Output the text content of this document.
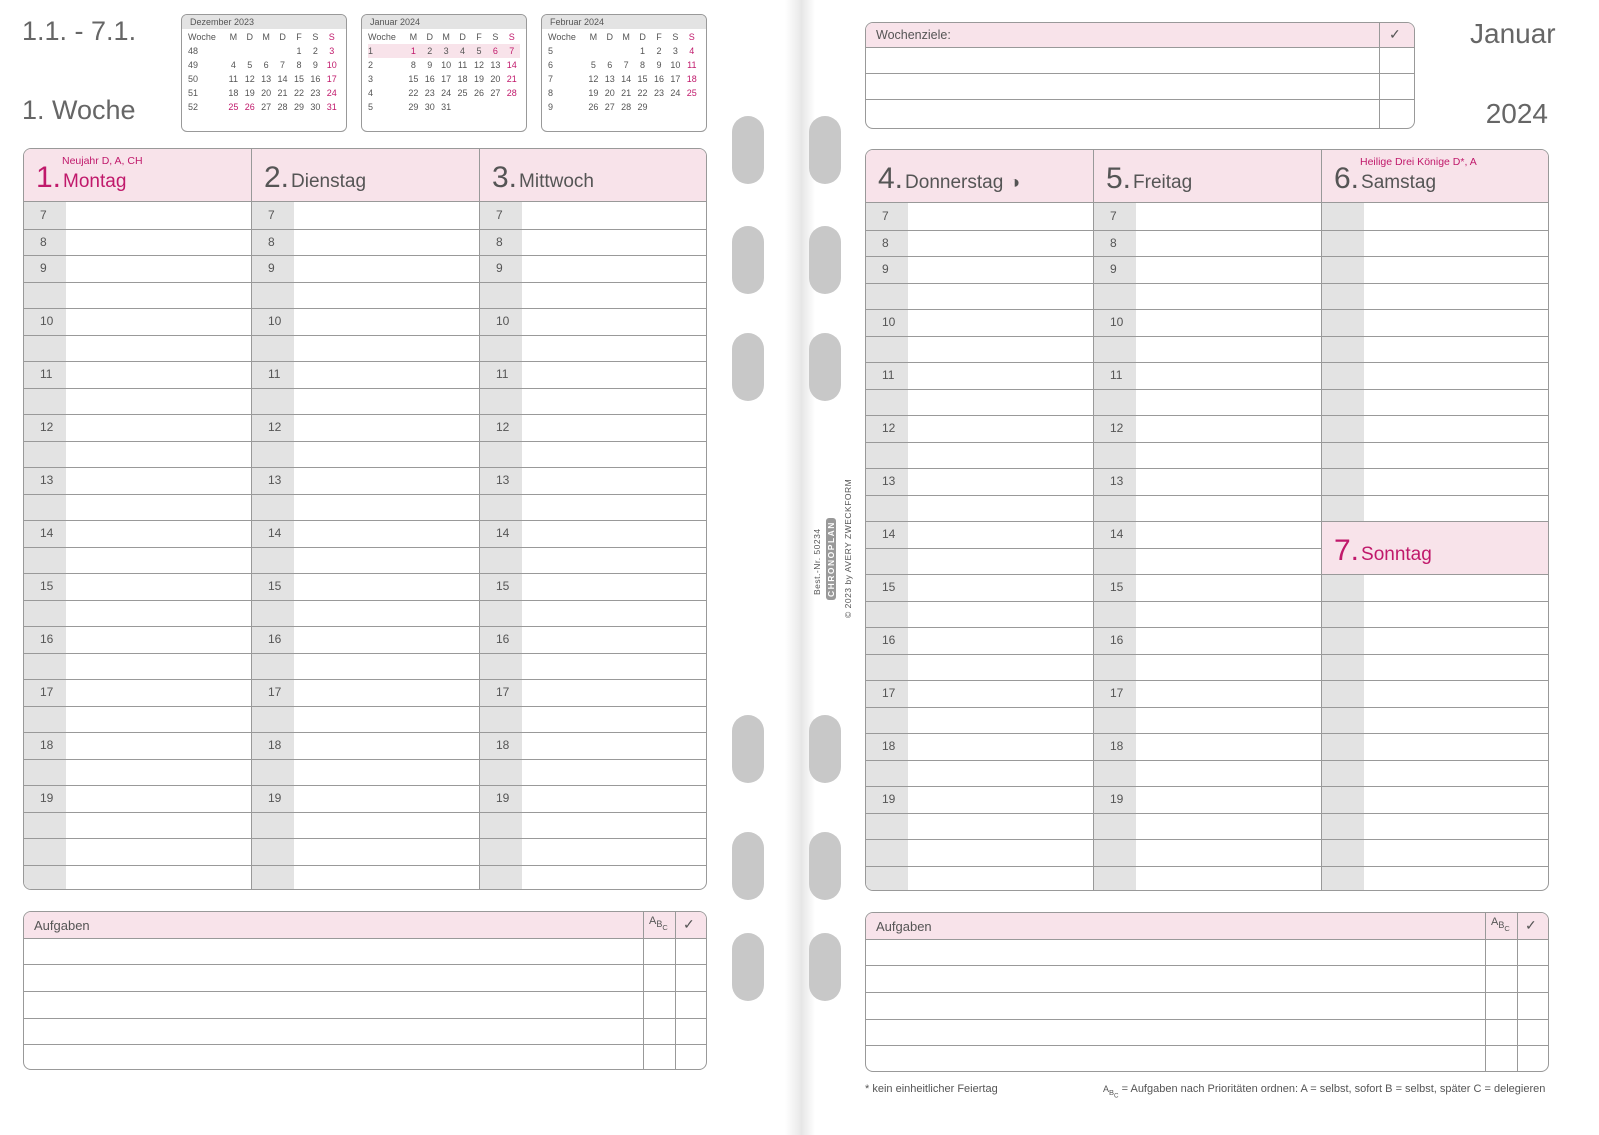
1.1. - 7.1.
1. Woche
Dezember 2023
Woche	M	D	M	D	F	S	S
48					1	2	3
49	4	5	6	7	8	9	10
50	11	12	13	14	15	16	17
51	18	19	20	21	22	23	24
52	25	26	27	28	29	30	31
Januar 2024
Woche	M	D	M	D	F	S	S
1	1	2	3	4	5	6	7
2	8	9	10	11	12	13	14
3	15	16	17	18	19	20	21
4	22	23	24	25	26	27	28
5	29	30	31				
Februar 2024
Woche	M	D	M	D	F	S	S
5				1	2	3	4
6	5	6	7	8	9	10	11
7	12	13	14	15	16	17	18
8	19	20	21	22	23	24	25
9	26	27	28	29			
1. Montag
Neujahr D, A, CH
7
8
9
10
11
12
13
14
15
16
17
18
19
2. Dienstag
7
8
9
10
11
12
13
14
15
16
17
18
19
3. Mittwoch
7
8
9
10
11
12
13
14
15
16
17
18
19
Aufgaben	$A_{B_C}$ ✓
Wochenziele:	✓ Januar
2024
4. Donnerstag ◑
7
8
9
10
11
12
13
14
15
16
17
18
19
5. Freitag
7
8
9
10
11
12
13
14
15
16
17
18
19
6. Samstag
Heilige Drei Könige D*, A
7. Sonntag
Aufgaben	$A_{B_C}$ ✓
* kein einheitlicher Feiertag	$A_{B_C}$ = Aufgaben nach Prioritäten ordnen: A = selbst, sofort B = selbst, später C = delegieren
Best.-Nr. 50234 CHRONOPLAN © 2023 by AVERY ZWECKFORM
